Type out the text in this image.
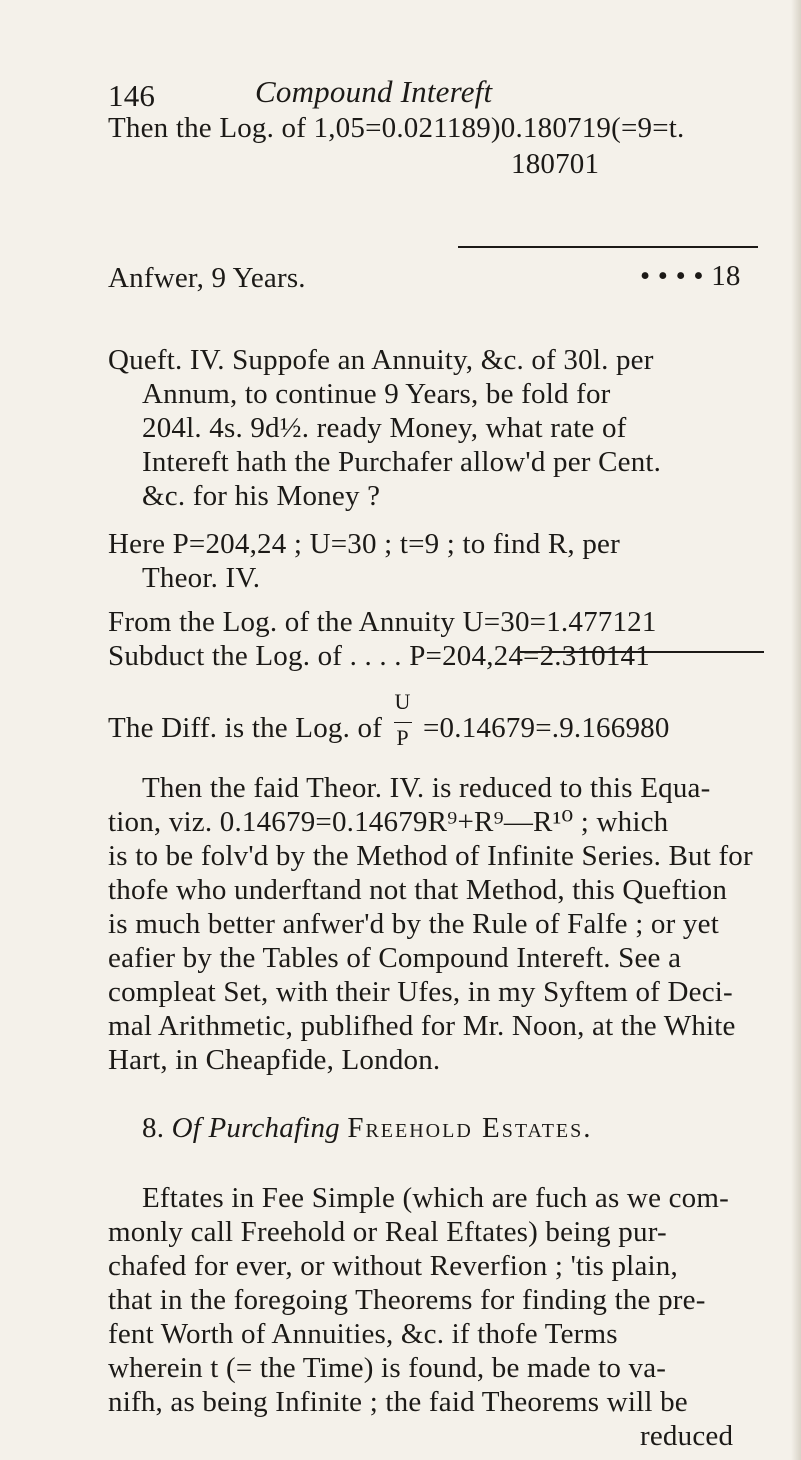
146	Compound Intereft
Then the Log. of 1,05=0.021189)0.180719(=9=t.
180701
Anfwer, 9 Years.	• • • • 18
Queft. IV. Suppofe an Annuity, &c. of 30l. per
Annum, to continue 9 Years, be fold for
204l. 4s. 9d½. ready Money, what rate of
Intereft hath the Purchafer allow'd per Cent.
&c. for his Money ?
Here P=204,24 ; U=30 ; t=9 ; to find R, per
Theor. IV.
From the Log. of the Annuity U=30=1.477121
Subduct the Log. of . . . . P=204,24=2.310141
The Diff. is the Log. of $\frac{U}{P} =0.14679=.9.166980$
Then the faid Theor. IV. is reduced to this Equa-
tion, viz. 0.14679=0.14679R⁹+R⁹—R¹⁰ ; which
is to be folv'd by the Method of Infinite Series. But for
thofe who underftand not that Method, this Queftion
is much better anfwer'd by the Rule of Falfe ; or yet
eafier by the Tables of Compound Intereft. See a
compleat Set, with their Ufes, in my Syftem of Deci-
mal Arithmetic, publifhed for Mr. Noon, at the White
Hart, in Cheapfide, London.
8. Of Purchafing Freehold Estates.
Eftates in Fee Simple (which are fuch as we com-
monly call Freehold or Real Eftates) being pur-
chafed for ever, or without Reverfion ; 'tis plain,
that in the foregoing Theorems for finding the pre-
fent Worth of Annuities, &c. if thofe Terms
wherein t (= the Time) is found, be made to va-
nifh, as being Infinite ; the faid Theorems will be
reduced
